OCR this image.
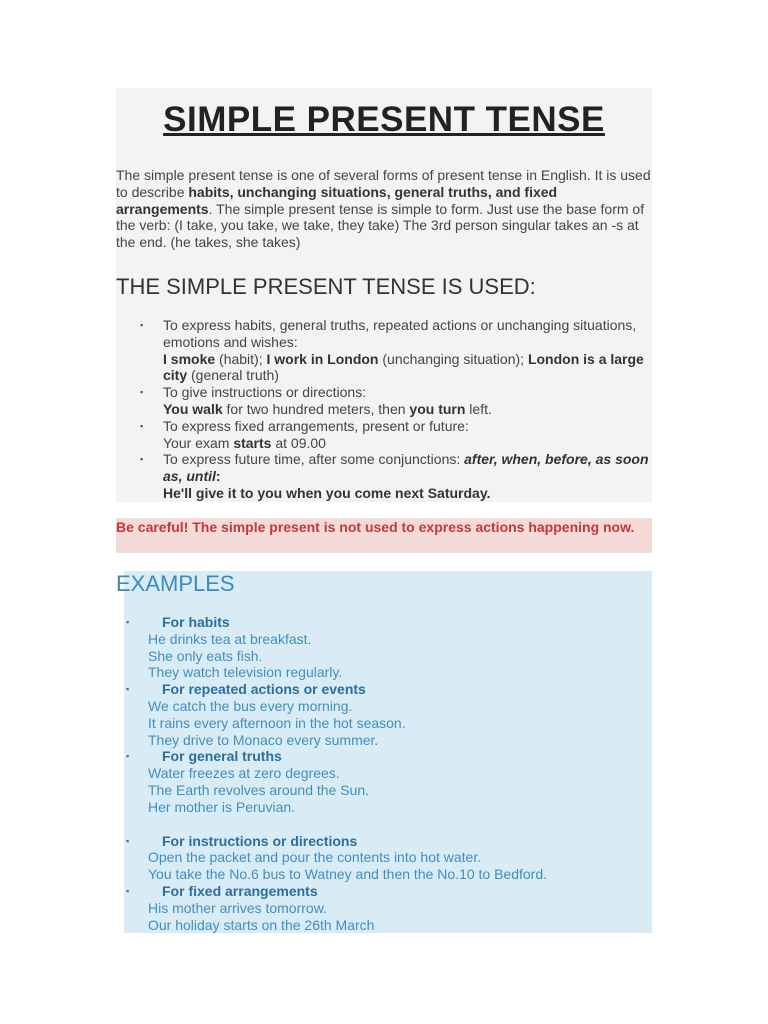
SIMPLE PRESENT TENSE

The simple present tense is one of several forms of present tense in English. It is used to describe habits, unchanging situations, general truths, and fixed arrangements. The simple present tense is simple to form. Just use the base form of the verb: (I take, you take, we take, they take) The 3rd person singular takes an -s at the end. (he takes, she takes)

THE SIMPLE PRESENT TENSE IS USED:
▪ To express habits, general truths, repeated actions or unchanging situations, emotions and wishes:
I smoke (habit); I work in London (unchanging situation); London is a large city (general truth)
▪ To give instructions or directions:
You walk for two hundred meters, then you turn left.
▪ To express fixed arrangements, present or future:
Your exam starts at 09.00
▪ To express future time, after some conjunctions: after, when, before, as soon as, until:
He'll give it to you when you come next Saturday.
Be careful! The simple present is not used to express actions happening now.
EXAMPLES
▪	For habits
He drinks tea at breakfast.
She only eats fish.
They watch television regularly.
▪	For repeated actions or events
We catch the bus every morning.
It rains every afternoon in the hot season.
They drive to Monaco every summer.
▪	For general truths
Water freezes at zero degrees.
The Earth revolves around the Sun.
Her mother is Peruvian.
▪	For instructions or directions
Open the packet and pour the contents into hot water.
You take the No.6 bus to Watney and then the No.10 to Bedford.
▪	For fixed arrangements
His mother arrives tomorrow.
Our holiday starts on the 26th March
